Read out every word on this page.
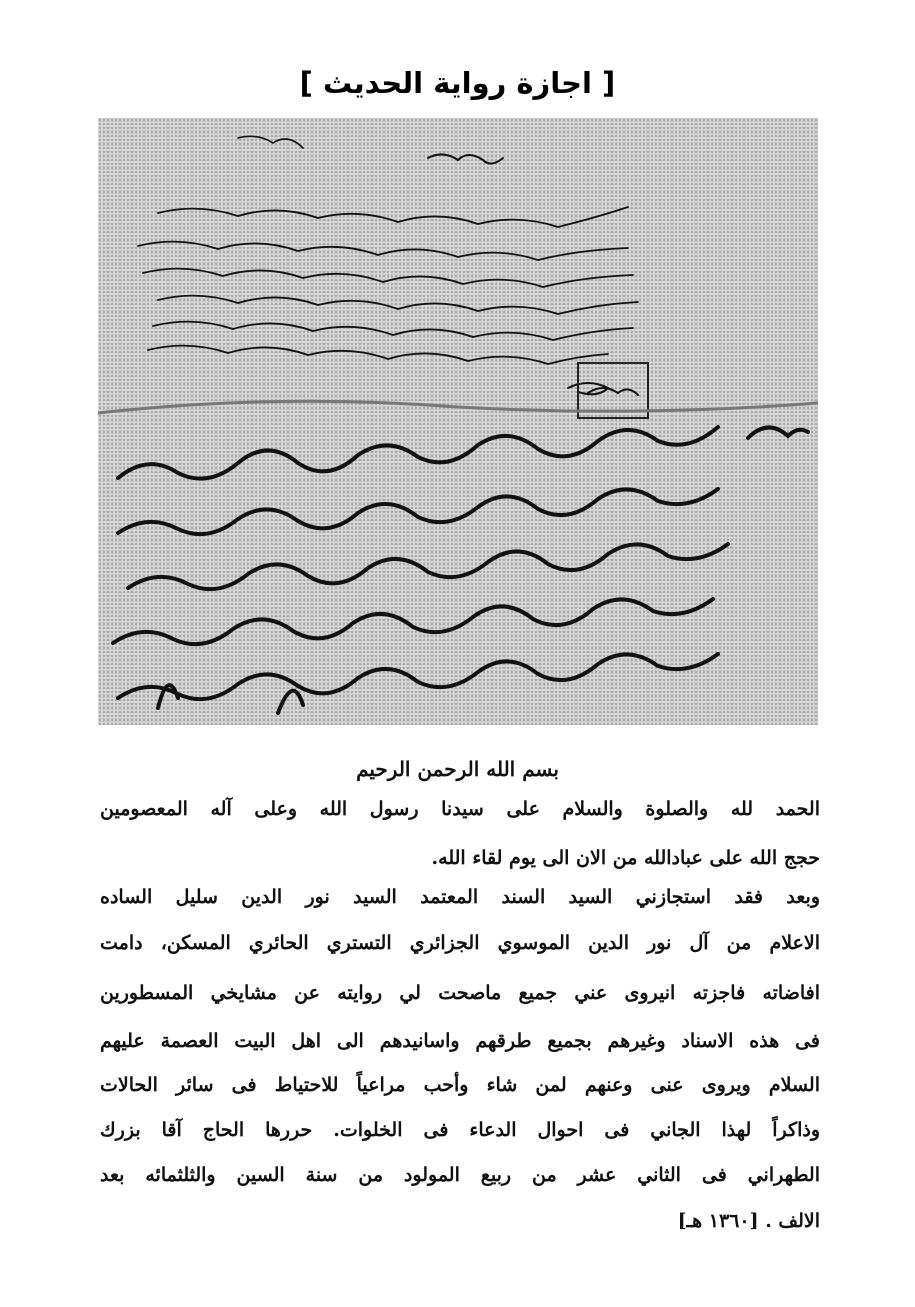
[ اجازة رواية الحديث ]
بسم الله الرحمن الرحيم
الحمد لله والصلوة والسلام على سيدنا رسول الله وعلى آله المعصومين
حجج الله على عبادالله من الان الى يوم لقاء الله.
وبعد فقد استجازني السيد السند المعتمد السيد نور الدين سليل الساده
الاعلام من آل نور الدين الموسوي الجزائري التستري الحائري المسكن، دامت
افاضاته فاجزته انيروى عني جميع ماصحت لي روايته عن مشايخي المسطورين
فى هذه الاسناد وغيرهم بجميع طرقهم واسانيدهم الى اهل البيت العصمة عليهم
السلام ويروى عنى وعنهم لمن شاء وأحب مراعياً للاحتياط فى سائر الحالات
وذاكراً لهذا الجاني فى احوال الدعاء فى الخلوات. حررها الحاج آقا بزرك
الطهراني فى الثاني عشر من ربيع المولود من سنة السين والثلثمائه بعد
الالف . [١٣٦٠ هـ]
